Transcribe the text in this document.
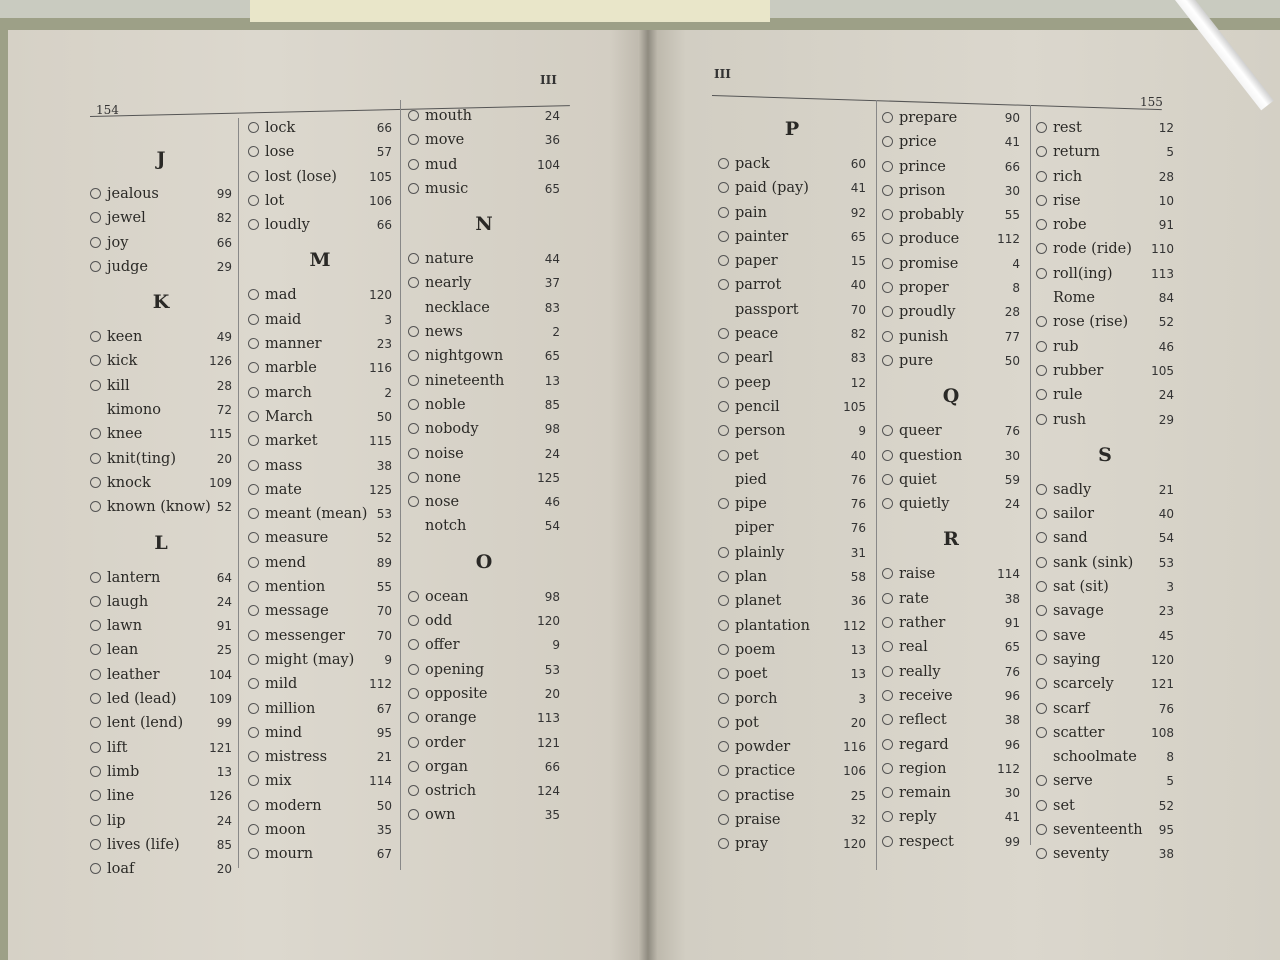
154
III	III
155
J
jealous	99
jewel	82
joy	66
judge	29
K
keen	49
kick	126
kill	28
kimono	72
knee	115
knit(ting)	20
knock	109
known (know) 52
L
lantern	64
laugh	24
lawn	91
lean	25
leather	104
led (lead)	109
lent (lend)	99
lift	121
limb	13
line	126
lip	24
lives (life)	85
loaf	20
lock	66
lose	57
lost (lose)	105
lot	106
loudly	66
M
mad	120
maid	3
manner	23
marble	116
march	2
March	50
market	115
mass	38
mate	125
meant (mean) 53
measure	52
mend	89
mention	55
message	70
messenger	70
might (may)	9
mild	112
million	67
mind	95
mistress	21
mix	114
modern	50
moon	35
mourn	67
mouth	24
move	36
mud	104
music	65
N
nature	44
nearly	37
necklace	83
news	2
nightgown	65
nineteenth	13
noble	85
nobody	98
noise	24
none	125
nose	46
notch	54
O
ocean	98
odd	120
offer	9
opening	53
opposite	20
orange	113
order	121
organ	66
ostrich	124
own	35
P
pack	60
paid (pay)	41
pain	92
painter	65
paper	15
parrot	40
passport	70
peace	82
pearl	83
peep	12
pencil	105
person	9
pet	40
pied	76
pipe	76
piper	76
plainly	31
plan	58
planet	36
plantation	112
poem	13
poet	13
porch	3
pot	20
powder	116
practice	106
practise	25
praise	32
pray	120
prepare	90
price	41
prince	66
prison	30
probably	55
produce	112
promise	4
proper	8
proudly	28
punish	77
pure	50
Q
queer	76
question	30
quiet	59
quietly	24
R
raise	114
rate	38
rather	91
real	65
really	76
receive	96
reflect	38
regard	96
region	112
remain	30
reply	41
respect	99
rest	12
return	5
rich	28
rise	10
robe	91
rode (ride) 110
roll(ing)	113
Rome	84
rose (rise)	52
rub	46
rubber	105
rule	24
rush	29
S
sadly	21
sailor	40
sand	54
sank (sink) 53
sat (sit)	3
savage	23
save	45
saying	120
scarcely	121
scarf	76
scatter	108
schoolmate 8
serve	5
set	52
seventeenth 95
seventy	38
